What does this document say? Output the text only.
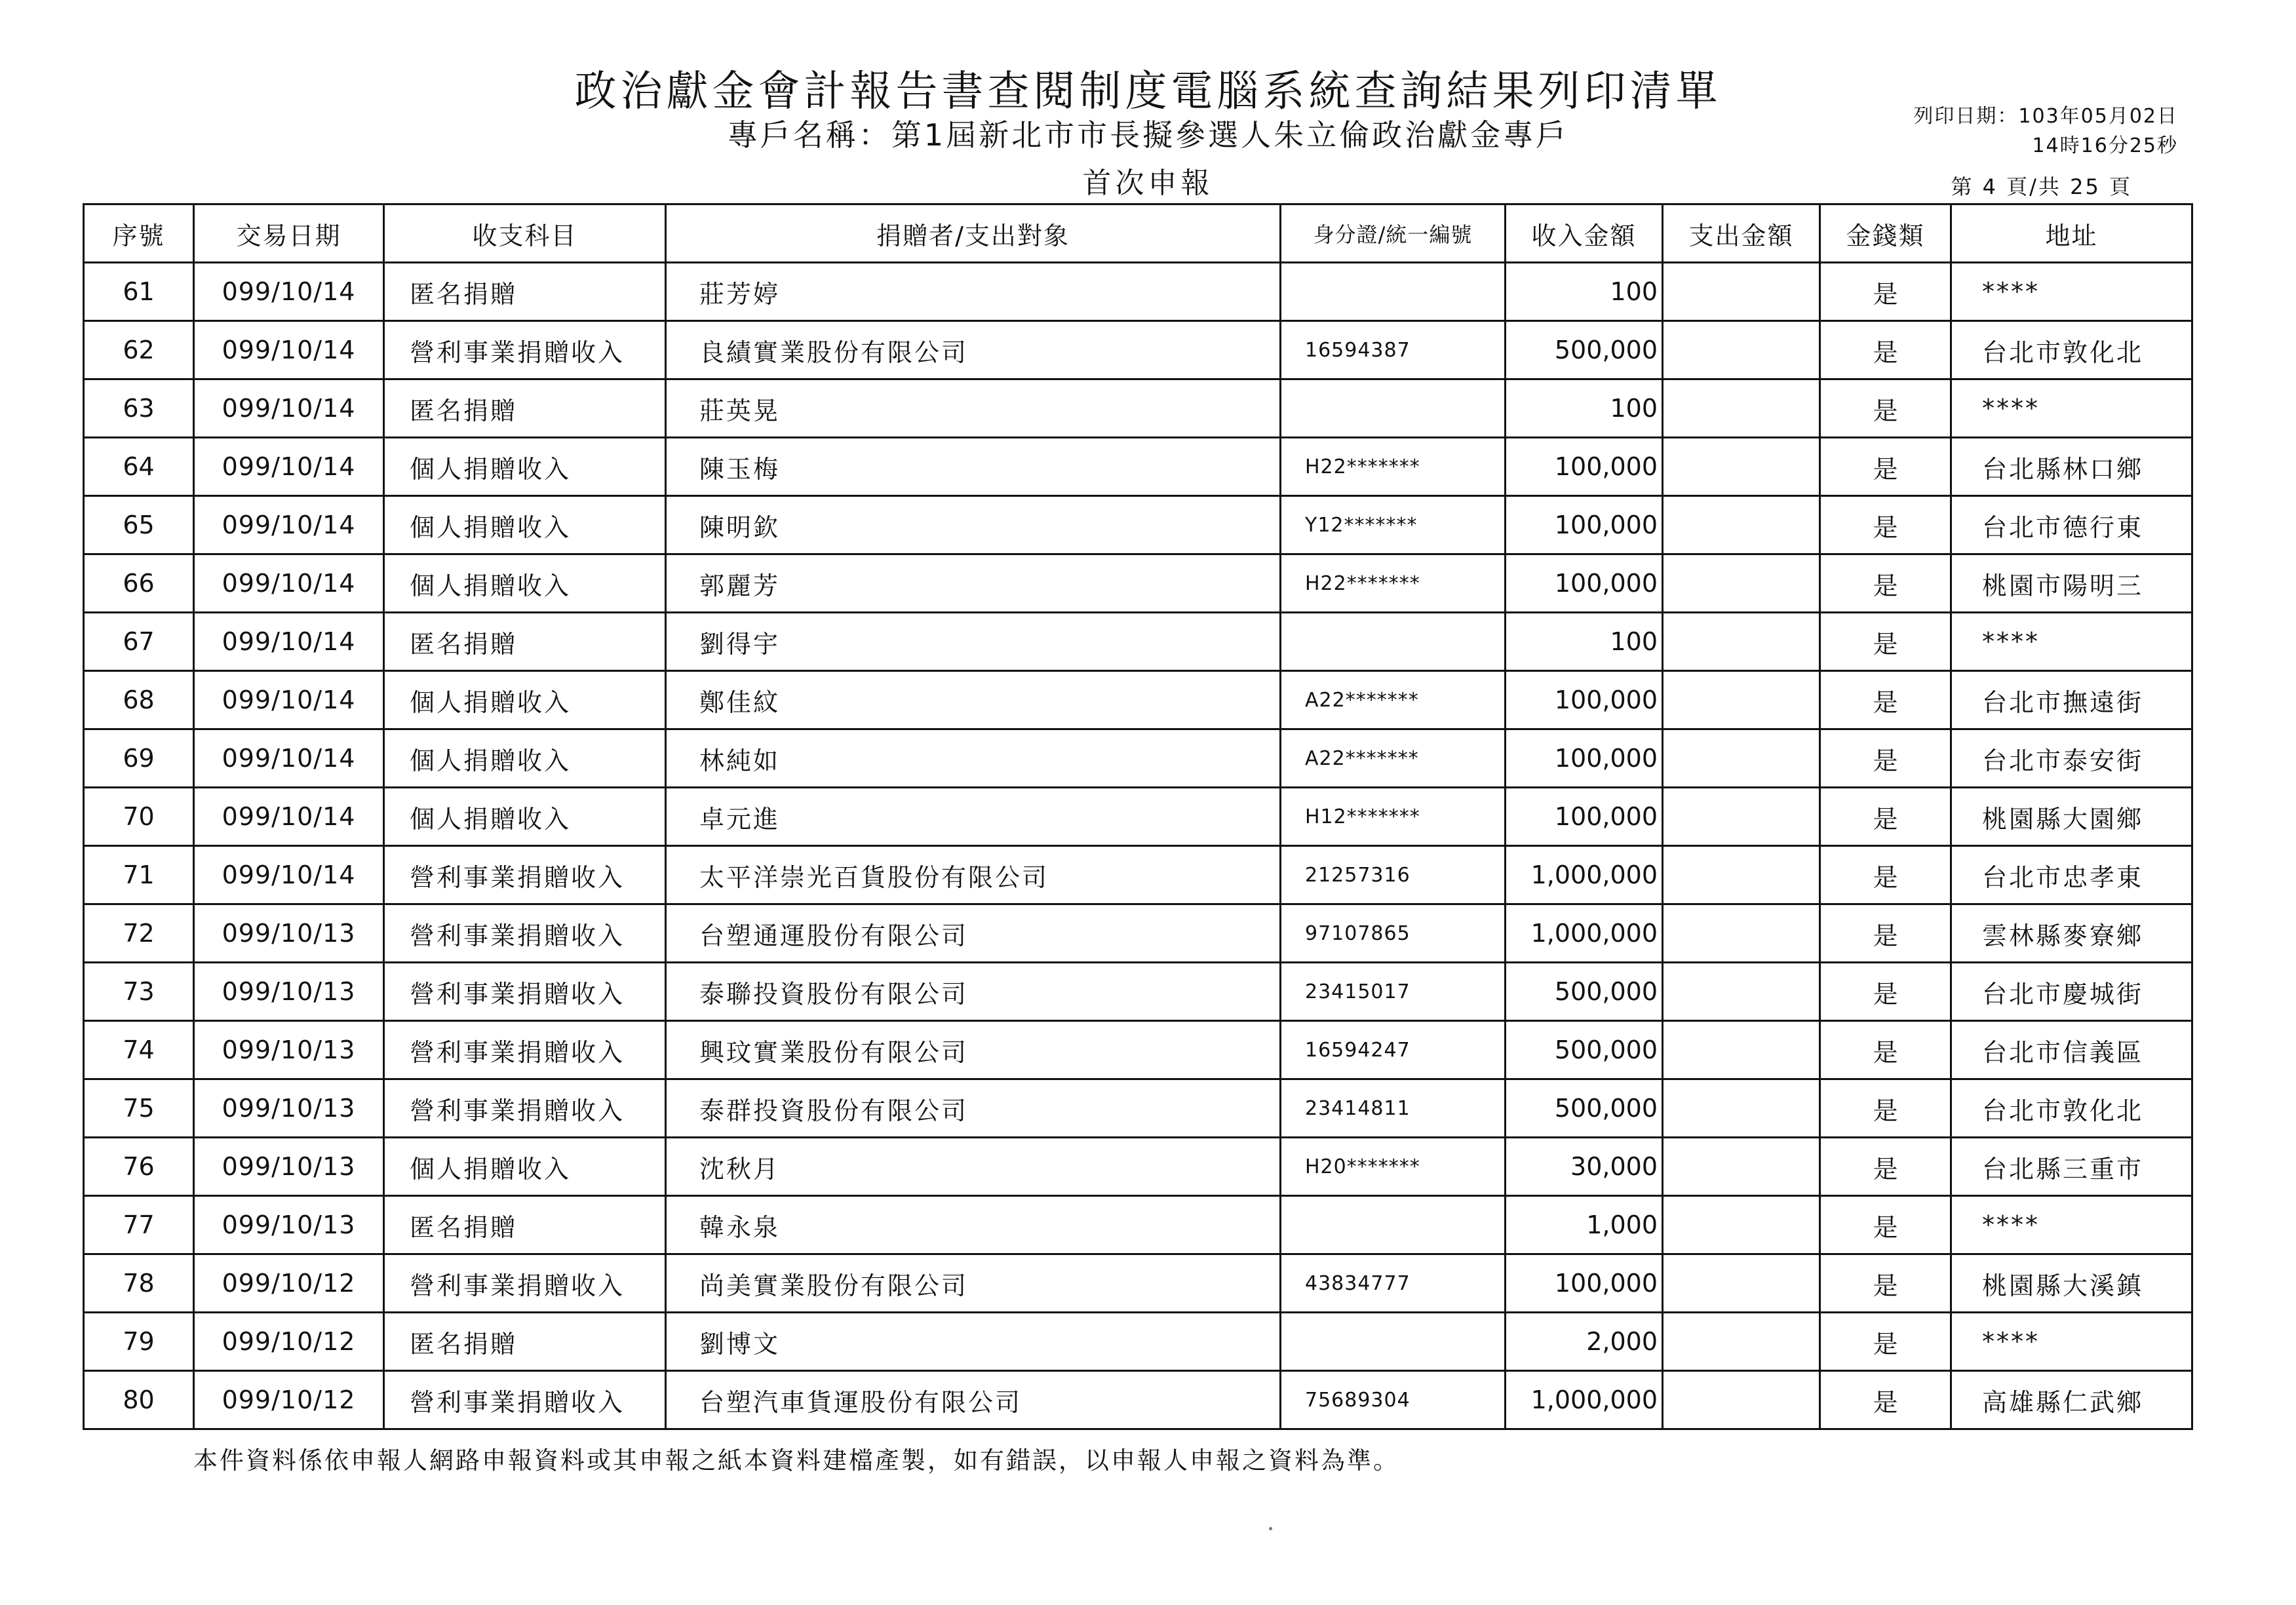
政治獻金會計報告書查閱制度電腦系統查詢結果列印清單
專戶名稱：第1屆新北市市長擬參選人朱立倫政治獻金專戶
首次申報
列印日期：103年05月02日
14時16分25秒
第 4 頁/共 25 頁
序號	交易日期	收支科目	捐贈者/支出對象	身分證/統一編號	收入金額	支出金額	金錢類	地址
61	099/10/14	匿名捐贈	莊芳婷		100		是	****
62	099/10/14	營利事業捐贈收入	良績實業股份有限公司	16594387	500,000		是	台北市敦化北
63	099/10/14	匿名捐贈	莊英晃		100		是	****
64	099/10/14	個人捐贈收入	陳玉梅	H22*******	100,000		是	台北縣林口鄉
65	099/10/14	個人捐贈收入	陳明欽	Y12*******	100,000		是	台北市德行東
66	099/10/14	個人捐贈收入	郭麗芳	H22*******	100,000		是	桃園市陽明三
67	099/10/14	匿名捐贈	劉得宇		100		是	****
68	099/10/14	個人捐贈收入	鄭佳紋	A22*******	100,000		是	台北市撫遠街
69	099/10/14	個人捐贈收入	林純如	A22*******	100,000		是	台北市泰安街
70	099/10/14	個人捐贈收入	卓元進	H12*******	100,000		是	桃園縣大園鄉
71	099/10/14	營利事業捐贈收入	太平洋崇光百貨股份有限公司	21257316	1,000,000		是	台北市忠孝東
72	099/10/13	營利事業捐贈收入	台塑通運股份有限公司	97107865	1,000,000		是	雲林縣麥寮鄉
73	099/10/13	營利事業捐贈收入	泰聯投資股份有限公司	23415017	500,000		是	台北市慶城街
74	099/10/13	營利事業捐贈收入	興玟實業股份有限公司	16594247	500,000		是	台北市信義區
75	099/10/13	營利事業捐贈收入	泰群投資股份有限公司	23414811	500,000		是	台北市敦化北
76	099/10/13	個人捐贈收入	沈秋月	H20*******	30,000		是	台北縣三重市
77	099/10/13	匿名捐贈	韓永泉		1,000		是	****
78	099/10/12	營利事業捐贈收入	尚美實業股份有限公司	43834777	100,000		是	桃園縣大溪鎮
79	099/10/12	匿名捐贈	劉博文		2,000		是	****
80	099/10/12	營利事業捐贈收入	台塑汽車貨運股份有限公司	75689304	1,000,000		是	高雄縣仁武鄉
本件資料係依申報人網路申報資料或其申報之紙本資料建檔產製，如有錯誤，以申報人申報之資料為準。
